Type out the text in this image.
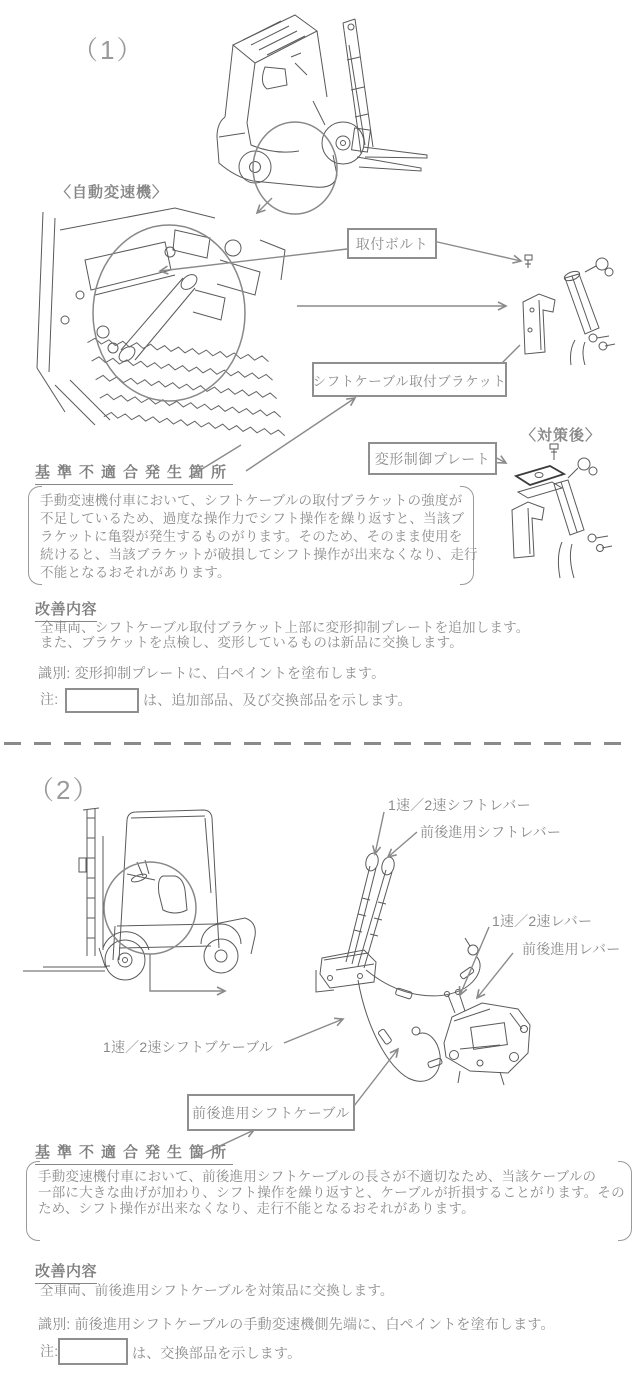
（1）
〈自動変速機〉
取付ボルト
シフトケーブル取付ブラケット
〈対策後〉
変形制御プレート
基準不適合発生箇所
手動変速機付車において、シフトケーブルの取付ブラケットの強度が
不足しているため、過度な操作力でシフト操作を繰り返すと、当該ブ
ラケットに亀裂が発生するものがります。そのため、そのまま使用を
続けると、当該ブラケットが破損してシフト操作が出来なくなり、走行
不能となるおそれがあります。
改善内容
全車両、シフトケーブル取付ブラケット上部に変形抑制プレートを追加します。
また、ブラケットを点検し、変形しているものは新品に交換します。
識別: 変形抑制プレートに、白ペイントを塗布します。
注:	は、追加部品、及び交換部品を示します。
（2）	1速／2速シフトレバー
前後進用シフトレバー
1速／2速レバー
前後進用レバー
1速／2速シフトブケーブル
前後進用シフトケーブル
基準不適合発生箇所
手動変速機付車において、前後進用シフトケーブルの長さが不適切なため、当該ケーブルの
一部に大きな曲げが加わり、シフト操作を繰り返すと、ケーブルが折損することがります。その
ため、シフト操作が出来なくなり、走行不能となるおそれがあります。
改善内容
全車両、前後進用シフトケーブルを対策品に交換します。
識別: 前後進用シフトケーブルの手動変速機側先端に、白ペイントを塗布します。
注:	は、交換部品を示します。
